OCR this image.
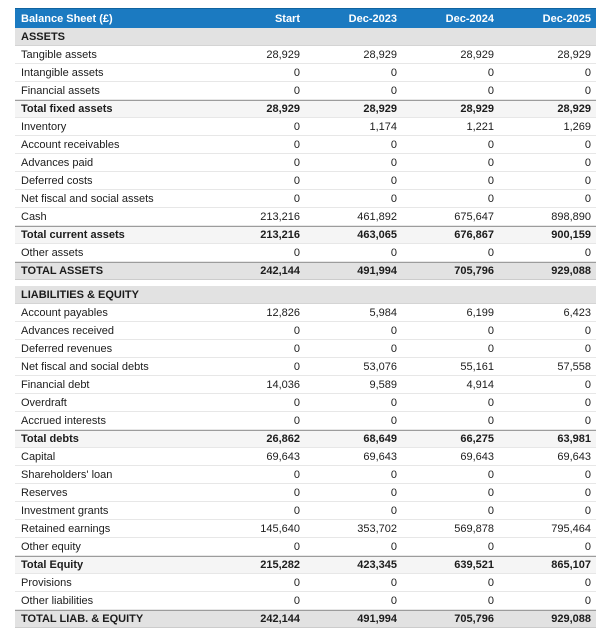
Balance Sheet (£)	Start	Dec-2023	Dec-2024	Dec-2025
ASSETS
Tangible assets	28,929	28,929	28,929	28,929
Intangible assets	0	0	0	0
Financial assets	0	0	0	0
Total fixed assets	28,929	28,929	28,929	28,929
Inventory	0	1,174	1,221	1,269
Account receivables	0	0	0	0
Advances paid	0	0	0	0
Deferred costs	0	0	0	0
Net fiscal and social assets	0	0	0	0
Cash	213,216	461,892	675,647	898,890
Total current assets	213,216	463,065	676,867	900,159
Other assets	0	0	0	0
TOTAL ASSETS	242,144	491,994	705,796	929,088
LIABILITIES & EQUITY
Account payables	12,826	5,984	6,199	6,423
Advances received	0	0	0	0
Deferred revenues	0	0	0	0
Net fiscal and social debts	0	53,076	55,161	57,558
Financial debt	14,036	9,589	4,914	0
Overdraft	0	0	0	0
Accrued interests	0	0	0	0
Total debts	26,862	68,649	66,275	63,981
Capital	69,643	69,643	69,643	69,643
Shareholders' loan	0	0	0	0
Reserves	0	0	0	0
Investment grants	0	0	0	0
Retained earnings	145,640	353,702	569,878	795,464
Other equity	0	0	0	0
Total Equity	215,282	423,345	639,521	865,107
Provisions	0	0	0	0
Other liabilities	0	0	0	0
TOTAL LIAB. & EQUITY	242,144	491,994	705,796	929,088
